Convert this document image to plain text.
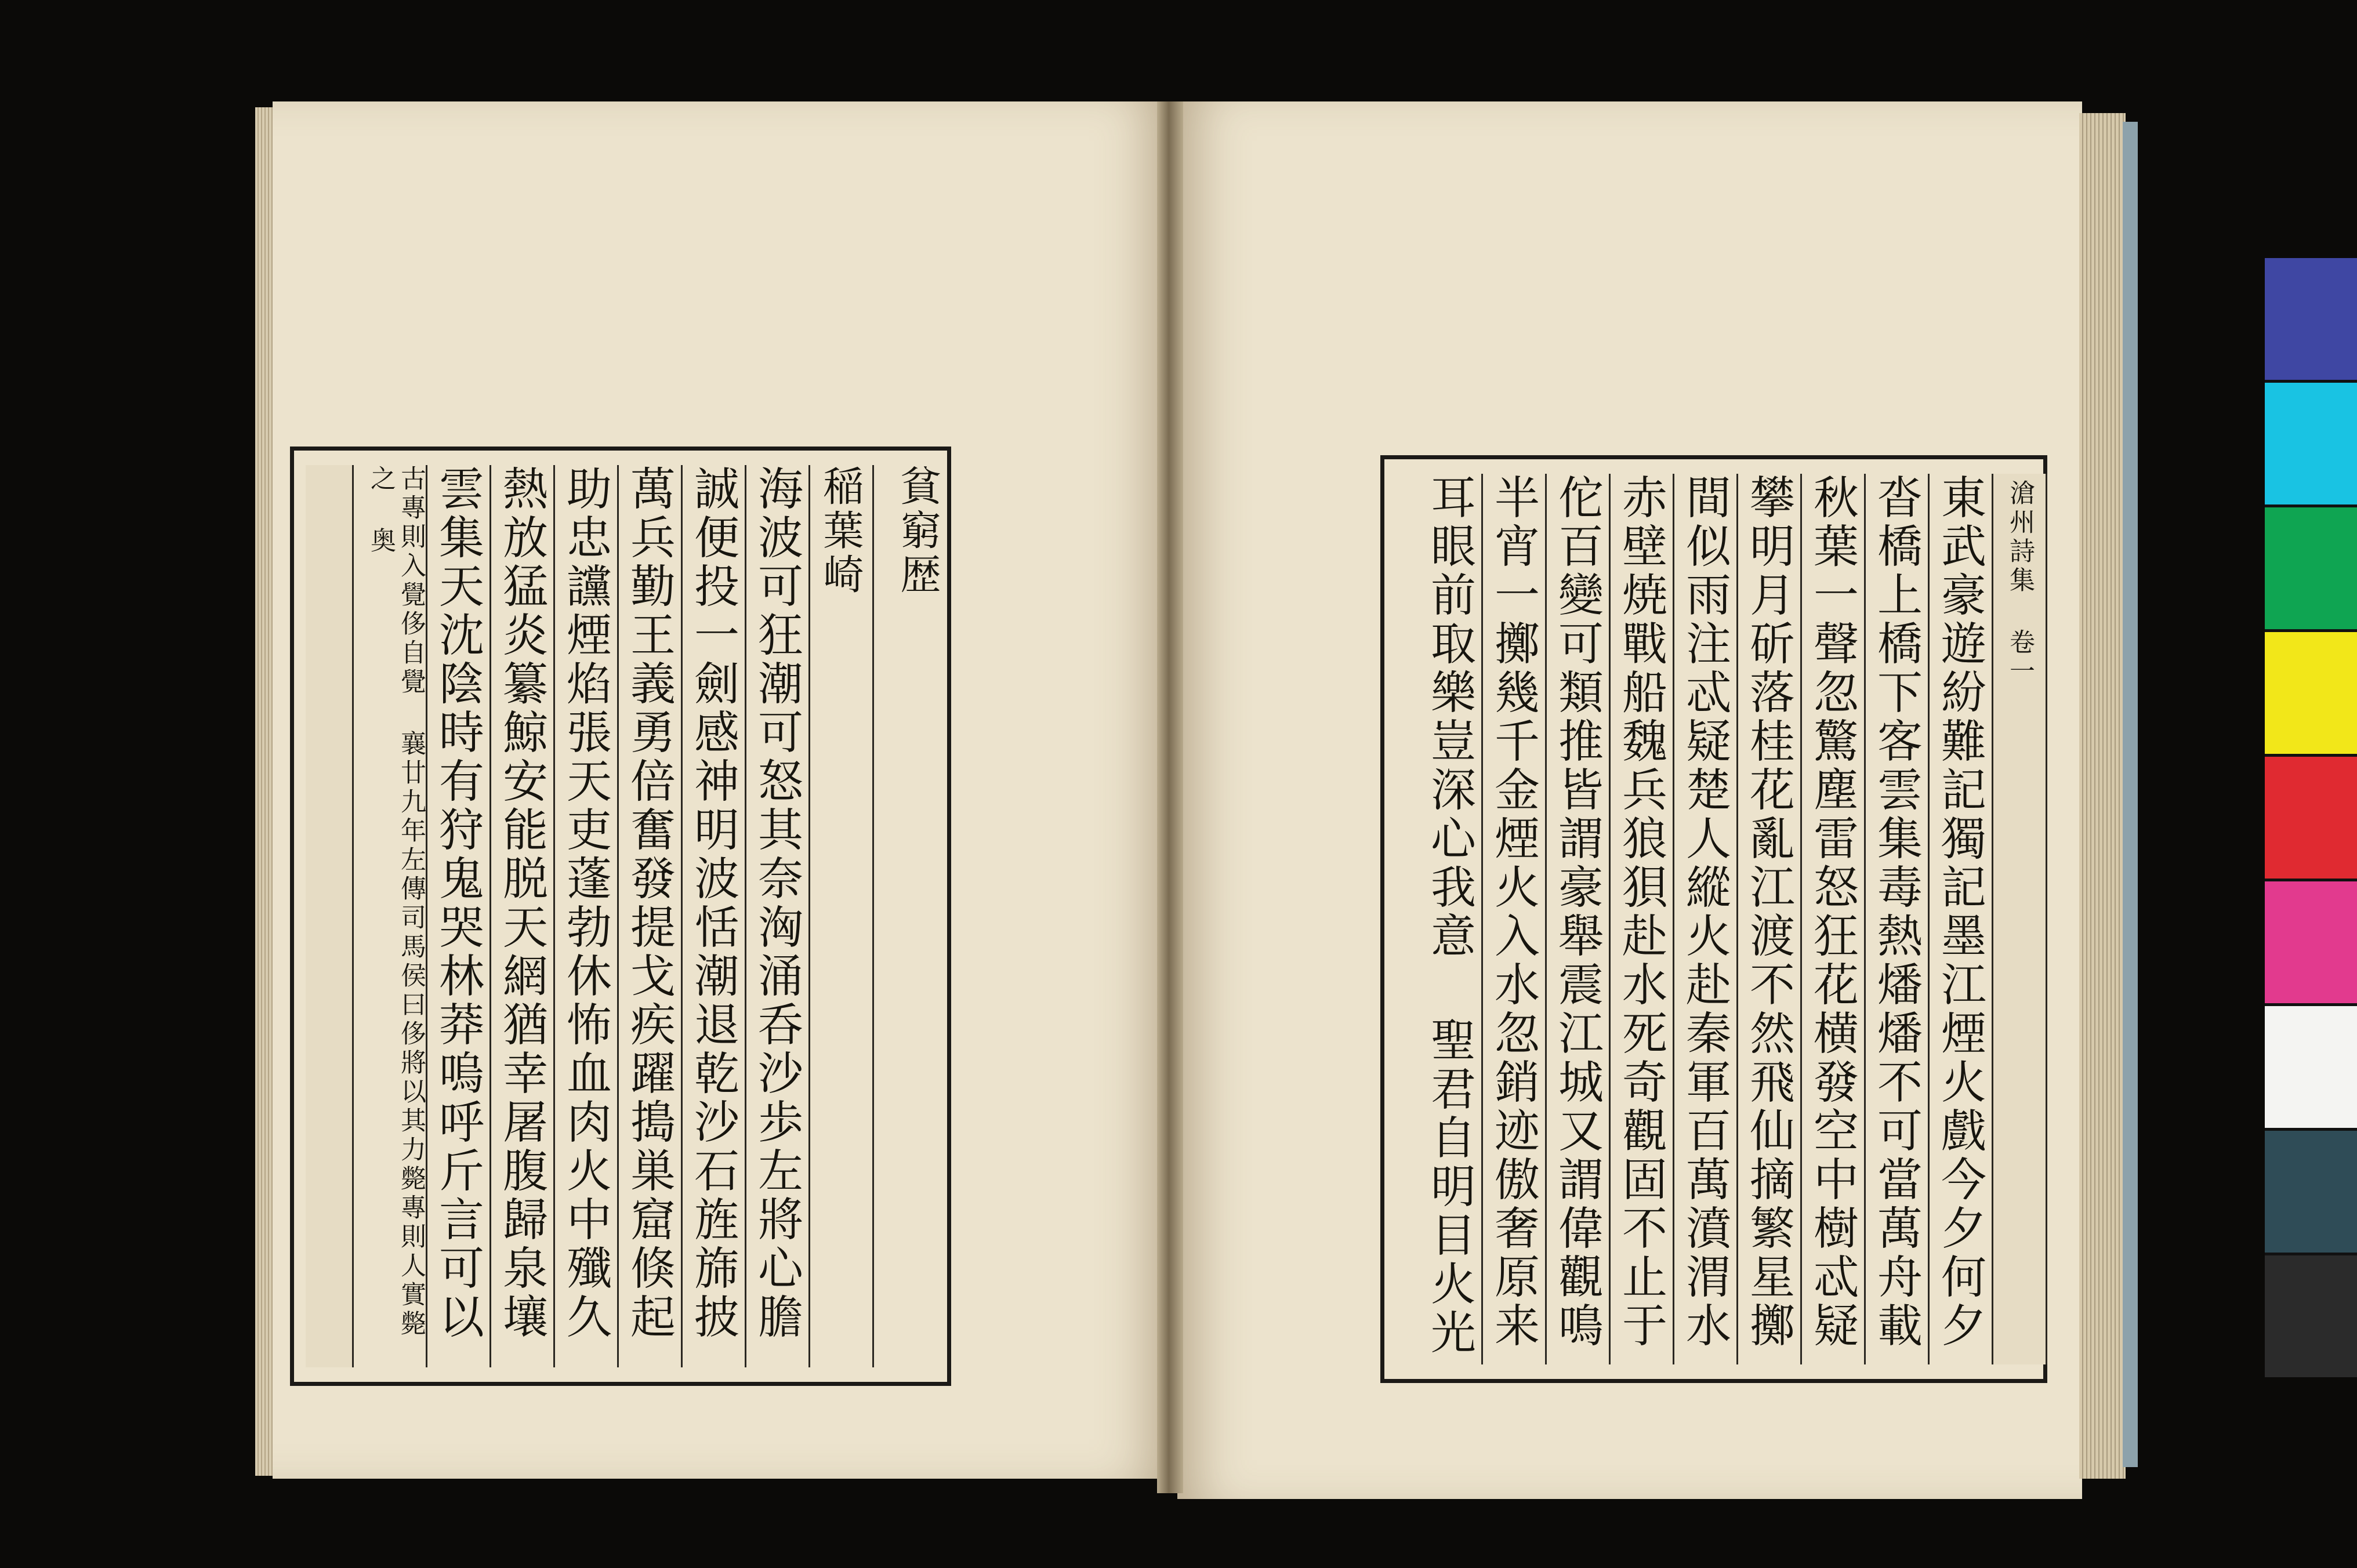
貧窮歴
稲葉崎
海波可狂潮可怒其奈洶涌呑沙歩左將心膽
誠便投一劍感神明波恬潮退乾沙石旌旆披
萬兵勤王義勇倍奮發提戈疾躍搗巣窟倏起
助忠讜煙焰張天吏蓬勃休怖血肉火中殲久
熱放猛炎纂鯨安能脱天網猶幸屠腹歸泉壤
雲集天沈陰時有狩鬼哭林莽嗚呼斤言可以
古專則入覺侈自覺 襄廿九年左傳司馬侯曰侈將以其力斃專則人實斃之 奥	滄州詩集 卷一
東武豪遊紛難記獨記墨江煙火戲今夕何夕
沓橋上橋下客雲集毒熱燔燔不可當萬舟載
秋葉一聲忽驚塵雷怒狂花横發空中樹忒疑
攀明月斫落桂花亂江渡不然飛仙摘繁星擲
間似雨注忒疑楚人縱火赴秦軍百萬濆渭水
赤壁焼戰船魏兵狼狽赴水死奇觀固不止于
佗百變可類推皆謂豪舉震江城又謂偉觀鳴
半宵一擲幾千金煙火入水忽銷迹傲奢原来
耳眼前取樂豈深心我意 聖君自明目火光
